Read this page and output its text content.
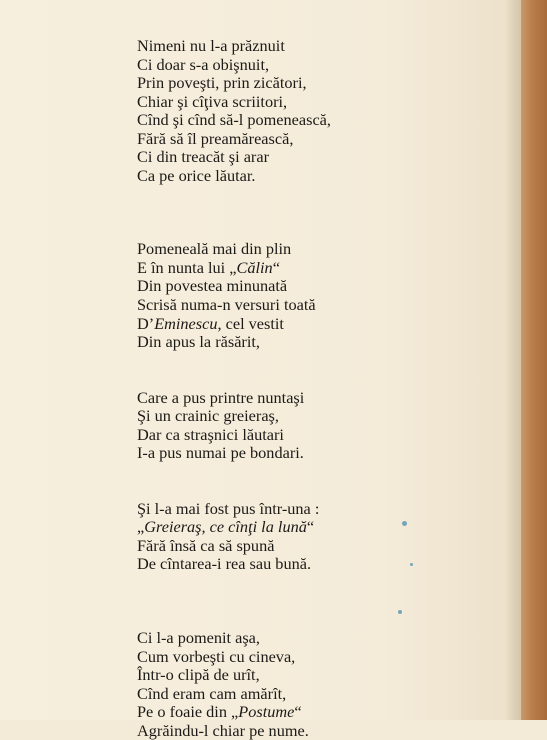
Nimeni nu l-a prăznuit
Ci doar s-a obişnuit,
Prin poveşti, prin zicători,
Chiar şi cîţiva scriitori,
Cînd şi cînd să-l pomenească,
Fără să îl preamărească,
Ci din treacăt şi arar
Ca pe orice lăutar.
Pomeneală mai din plin
E în nunta lui „Călin“
Din povestea minunată
Scrisă numa-n versuri toată
D’Eminescu, cel vestit
Din apus la răsărit,
Care a pus printre nuntaşi
Şi un crainic greieraş,
Dar ca straşnici lăutari
I-a pus numai pe bondari.
Şi l-a mai fost pus într-una :
„Greieraş, ce cînţi la lună“
Fără însă ca să spună
De cîntarea-i rea sau bună.
Ci l-a pomenit aşa,
Cum vorbeşti cu cineva,
Într-o clipă de urît,
Cînd eram cam amărît,
Pe o foaie din „Postume“
Agrăindu-l chiar pe nume.
